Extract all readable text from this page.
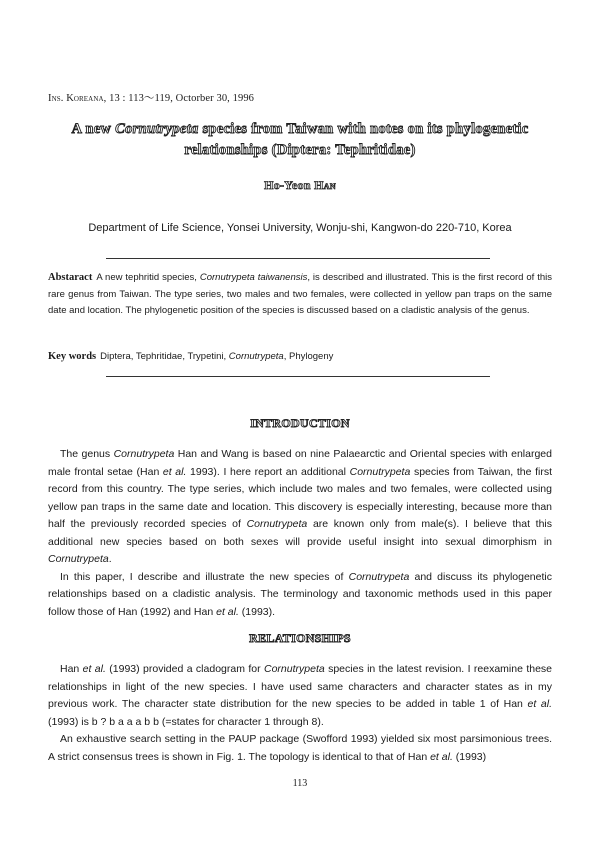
Ins. Koreana, 13 : 113～119, Octorber 30, 1996
A new Cornutrypeta species from Taiwan with notes on its phylogenetic relationships (Diptera: Tephritidae)
Ho-Yeon Han
Department of Life Science, Yonsei University, Wonju-shi, Kangwon-do 220-710, Korea
Abstaract A new tephritid species, Cornutrypeta taiwanensis, is described and illustrated. This is the first record of this rare genus from Taiwan. The type series, two males and two females, were collected in yellow pan traps on the same date and location. The phylogenetic position of the species is discussed based on a cladistic analysis of the genus.
Key words Diptera, Tephritidae, Trypetini, Cornutrypeta, Phylogeny
INTRODUCTION

The genus Cornutrypeta Han and Wang is based on nine Palaearctic and Oriental species with enlarged male frontal setae (Han et al. 1993). I here report an additional Cornutrypeta species from Taiwan, the first record from this country. The type series, which include two males and two females, were collected using yellow pan traps in the same date and location. This discovery is especially interesting, because more than half the previously recorded species of Cornutrypeta are known only from male(s). I believe that this additional new species based on both sexes will provide useful insight into sexual dimorphism in Cornutrypeta.

In this paper, I describe and illustrate the new species of Cornutrypeta and discuss its phylogenetic relationships based on a cladistic analysis. The terminology and taxonomic methods used in this paper follow those of Han (1992) and Han et al. (1993).

RELATIONSHIPS

Han et al. (1993) provided a cladogram for Cornutrypeta species in the latest revision. I reexamine these relationships in light of the new species. I have used same characters and character states as in my previous work. The character state distribution for the new species to be added in table 1 of Han et al. (1993) is b ? b a a a b b (=states for character 1 through 8).

An exhaustive search setting in the PAUP package (Swofford 1993) yielded six most parsimonious trees. A strict consensus trees is shown in Fig. 1. The topology is identical to that of Han et al. (1993)

113
